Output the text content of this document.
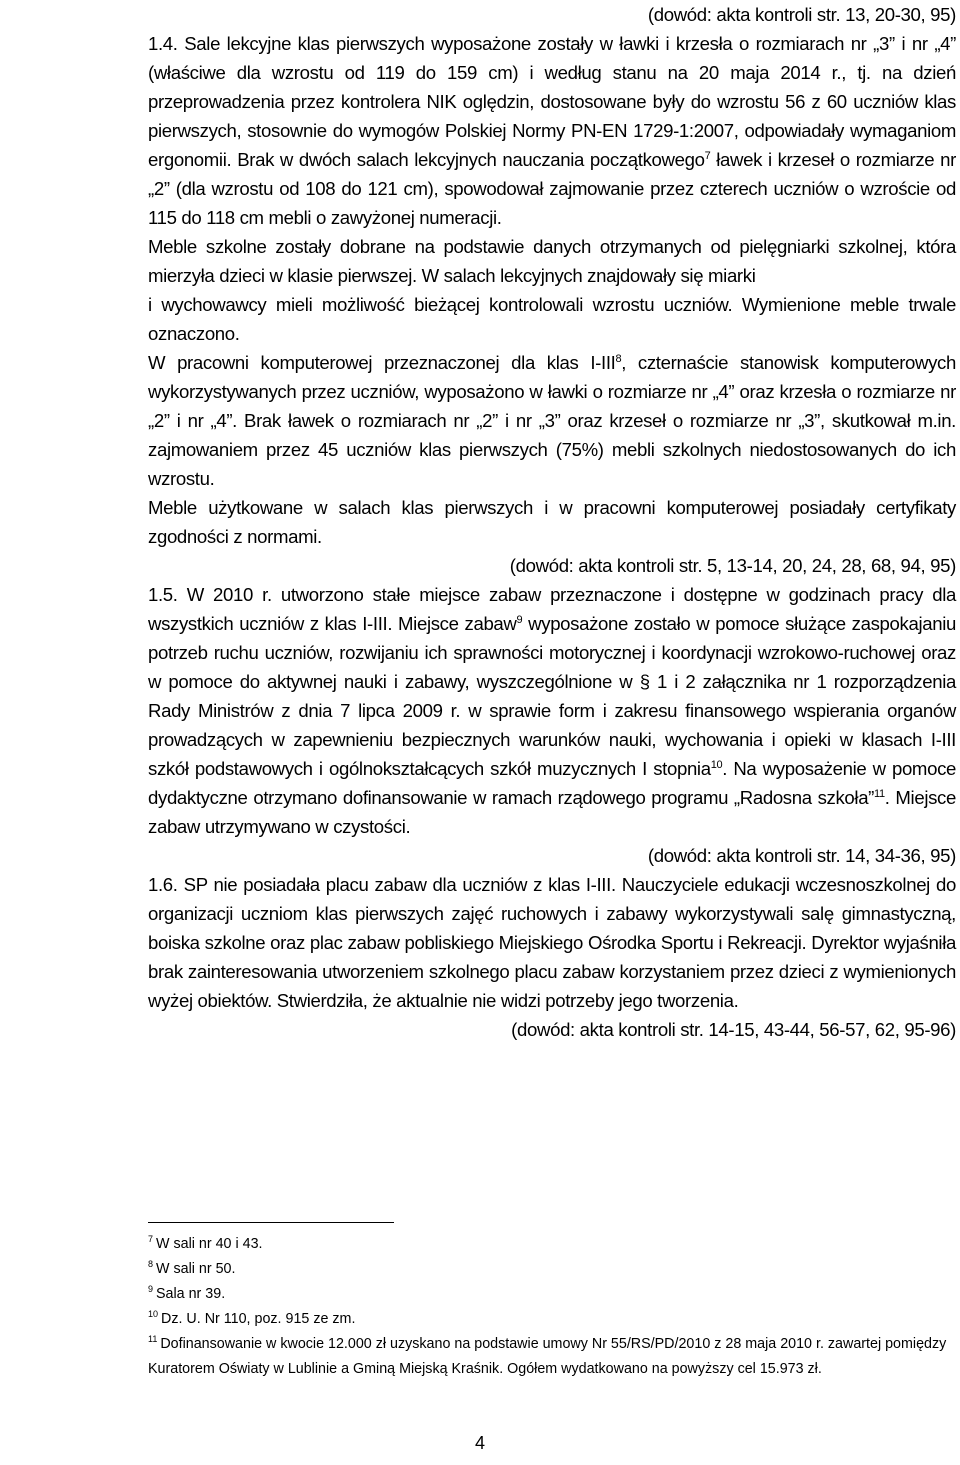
(dowód: akta kontroli str. 13, 20-30, 95)

1.4. Sale lekcyjne klas pierwszych wyposażone zostały w ławki i krzesła o rozmiarach nr „3” i nr „4” (właściwe dla wzrostu od 119 do 159 cm) i według stanu na 20 maja 2014 r., tj. na dzień przeprowadzenia przez kontrolera NIK oględzin, dostosowane były do wzrostu 56 z 60 uczniów klas pierwszych, stosownie do wymogów Polskiej Normy PN-EN 1729-1:2007, odpowiadały wymaganiom ergonomii. Brak w dwóch salach lekcyjnych nauczania początkowego$^7$ ławek i krzeseł o rozmiarze nr „2” (dla wzrostu od 108 do 121 cm), spowodował zajmowanie przez czterech uczniów o wzroście od 115 do 118 cm mebli o zawyżonej numeracji.

Meble szkolne zostały dobrane na podstawie danych otrzymanych od pielęgniarki szkolnej, która mierzyła dzieci w klasie pierwszej. W salach lekcyjnych znajdowały się miarki

i wychowawcy mieli możliwość bieżącej kontrolowali wzrostu uczniów. Wymienione meble trwale oznaczono.

W pracowni komputerowej przeznaczonej dla klas I-III$^8$, czternaście stanowisk komputerowych wykorzystywanych przez uczniów, wyposażono w ławki o rozmiarze nr „4” oraz krzesła o rozmiarze nr „2” i nr „4”. Brak ławek o rozmiarach nr „2” i nr „3” oraz krzeseł o rozmiarze nr „3”, skutkował m.in. zajmowaniem przez 45 uczniów klas pierwszych (75%) mebli szkolnych niedostosowanych do ich wzrostu.

Meble użytkowane w salach klas pierwszych i w pracowni komputerowej posiadały certyfikaty zgodności z normami.

(dowód: akta kontroli str. 5, 13-14, 20, 24, 28, 68, 94, 95)

1.5. W 2010 r. utworzono stałe miejsce zabaw przeznaczone i dostępne w godzinach pracy dla wszystkich uczniów z klas I-III. Miejsce zabaw$^9$ wyposażone zostało w pomoce służące zaspokajaniu potrzeb ruchu uczniów, rozwijaniu ich sprawności motorycznej i koordynacji wzrokowo-ruchowej oraz w pomoce do aktywnej nauki i zabawy, wyszczególnione w § 1 i 2 załącznika nr 1 rozporządzenia Rady Ministrów z dnia 7 lipca 2009 r. w sprawie form i zakresu finansowego wspierania organów prowadzących w zapewnieniu bezpiecznych warunków nauki, wychowania i opieki w klasach I-III szkół podstawowych i ogólnokształcących szkół muzycznych I stopnia$^{10}$. Na wyposażenie w pomoce dydaktyczne otrzymano dofinansowanie w ramach rządowego programu „Radosna szkoła”$^{11}$. Miejsce zabaw utrzymywano w czystości.

(dowód: akta kontroli str. 14, 34-36, 95)

1.6. SP nie posiadała placu zabaw dla uczniów z klas I-III. Nauczyciele edukacji wczesnoszkolnej do organizacji uczniom klas pierwszych zajęć ruchowych i zabawy wykorzystywali salę gimnastyczną, boiska szkolne oraz plac zabaw pobliskiego Miejskiego Ośrodka Sportu i Rekreacji. Dyrektor wyjaśniła brak zainteresowania utworzeniem szkolnego placu zabaw korzystaniem przez dzieci z wymienionych wyżej obiektów. Stwierdziła, że aktualnie nie widzi potrzeby jego tworzenia.

(dowód: akta kontroli str. 14-15, 43-44, 56-57, 62, 95-96)

$^7$ W sali nr 40 i 43.

$^8$ W sali nr 50.

$^9$ Sala nr 39.

$^{10}$ Dz. U. Nr 110, poz. 915 ze zm.

$^{11}$ Dofinansowanie w kwocie 12.000 zł uzyskano na podstawie umowy Nr 55/RS/PD/2010 z 28 maja 2010 r. zawartej pomiędzy Kuratorem Oświaty w Lublinie a Gminą Miejską Kraśnik. Ogółem wydatkowano na powyższy cel 15.973 zł.

4
